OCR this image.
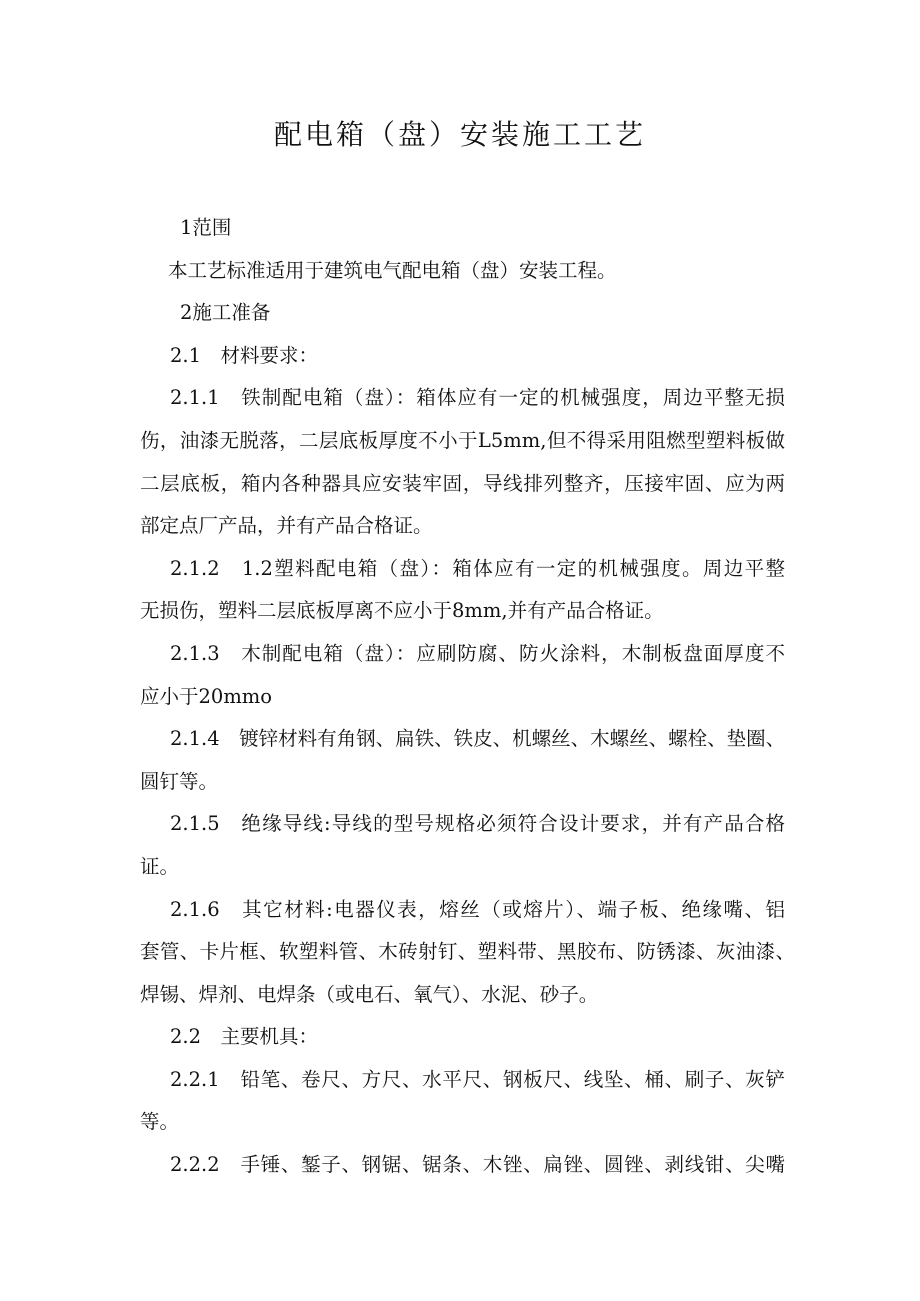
配电箱（盘）安装施工工艺
1范围
本工艺标准适用于建筑电气配电箱（盘）安装工程。
2施工准备
2.1　材料要求：
2.1.1　铁制配电箱（盘）：箱体应有一定的机械强度，周边平整无损
伤，油漆无脱落，二层底板厚度不小于L5mm,但不得采用阻燃型塑料板做
二层底板，箱内各种器具应安装牢固，导线排列整齐，压接牢固、应为两
部定点厂产品，并有产品合格证。
2.1.2　1.2塑料配电箱（盘）：箱体应有一定的机械强度。周边平整
无损伤，塑料二层底板厚离不应小于8mm,并有产品合格证。
2.1.3　木制配电箱（盘）：应刷防腐、防火涂料，木制板盘面厚度不
应小于20mmo
2.1.4　镀锌材料有角钢、扁铁、铁皮、机螺丝、木螺丝、螺栓、垫圈、
圆钉等。
2.1.5　绝缘导线:导线的型号规格必须符合设计要求，并有产品合格
证。
2.1.6　其它材料:电器仪表，熔丝（或熔片）、端子板、绝缘嘴、铝
套管、卡片框、软塑料管、木砖射钉、塑料带、黑胶布、防锈漆、灰油漆、
焊锡、焊剂、电焊条（或电石、氧气）、水泥、砂子。
2.2　主要机具：
2.2.1　铅笔、卷尺、方尺、水平尺、钢板尺、线坠、桶、刷子、灰铲
等。
2.2.2　手锤、錾子、钢锯、锯条、木锉、扁锉、圆锉、剥线钳、尖嘴
